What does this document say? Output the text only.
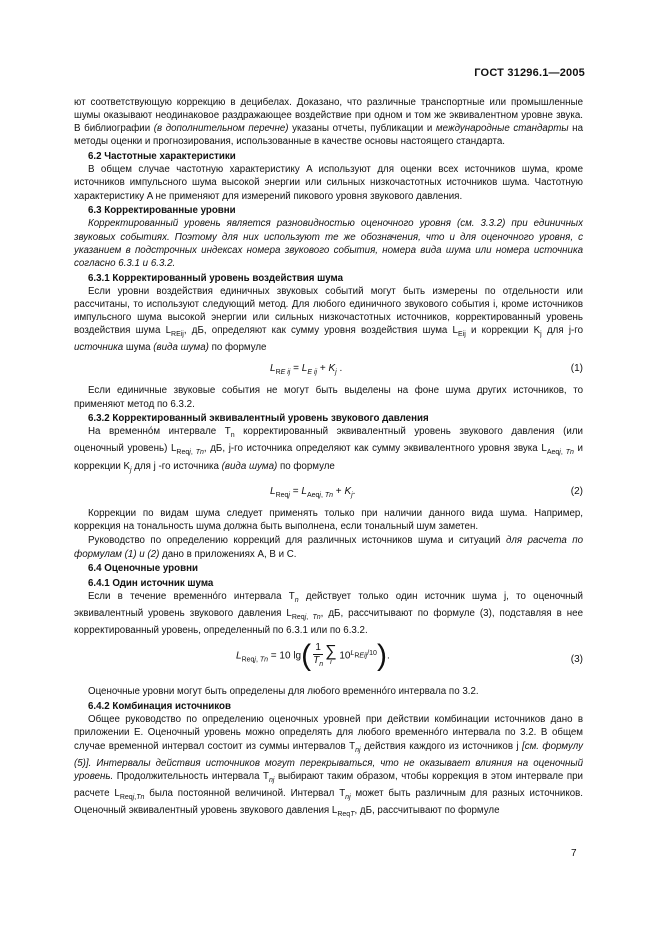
ГОСТ 31296.1—2005

ют соответствующую коррекцию в децибелах. Доказано, что различные транспортные или промышленные шумы оказывают неодинаковое раздражающее воздействие при одном и том же эквивалентном уровне звука. В библиографии (в дополнительном перечне) указаны отчеты, публикации и международные стандарты на методы оценки и прогнозирования, использованные в качестве основы настоящего стандарта.

6.2 Частотные характеристики

В общем случае частотную характеристику A используют для оценки всех источников шума, кроме источников импульсного шума высокой энергии или сильных низкочастотных источников шума. Частотную характеристику A не применяют для измерений пикового уровня звукового давления.

6.3 Корректированные уровни

Корректированный уровень является разновидностью оценочного уровня (см. 3.3.2) при единичных звуковых событиях. Поэтому для них используют те же обозначения, что и для оценочного уровня, с указанием в подстрочных индексах номера звукового события, номера вида шума или номера источника согласно 6.3.1 и 6.3.2.

6.3.1 Корректированный уровень воздействия шума

Если уровни воздействия единичных звуковых событий могут быть измерены по отдельности или рассчитаны, то используют следующий метод. Для любого единичного звукового события i, кроме источников импульсного шума высокой энергии или сильных низкочастотных источников, корректированный уровень воздействия шума $L_{REij}$, дБ, определяют как сумму уровня воздействия шума $L_{Eij}$ и коррекции $K_j$ для j-го источника шума (вида шума) по формуле

$L_{RE ij} = L_{E ij} + K_j$ .	(1)

Если единичные звуковые события не могут быть выделены на фоне шума других источников, то применяют метод по 6.3.2.

6.3.2 Корректированный эквивалентный уровень звукового давления

На временно́м интервале $T_n$ корректированный эквивалентный уровень звукового давления (или оценочный уровень) $L_{Reqj, Tn}$, дБ, j-го источника определяют как сумму эквивалентного уровня звука $L_{Aeqj, Tn}$ и коррекции $K_j$ для j -го источника (вида шума) по формуле

$L_{Reqj} = L_{Aeqj, Tn} + K_j$.	(2)

Коррекции по видам шума следует применять только при наличии данного вида шума. Например, коррекция на тональность шума должна быть выполнена, если тональный шум заметен.

Руководство по определению коррекций для различных источников шума и ситуаций для расчета по формулам (1) и (2) дано в приложениях А, В и С.

6.4 Оценочные уровни

6.4.1 Один источник шума

Если в течение временно́го интервала $T_n$ действует только один источник шума j, то оценочный эквивалентный уровень звукового давления $L_{Reqj, Tn}$, дБ, рассчитывают по формуле (3), подставляя в нее корректированный уровень, определенный по 6.3.1 или по 6.3.2.

$L_{Reqj, Tn} = 10$ $\lg( \frac{1}{T_n}$ ∑
i
$10^{L_{REij}/10}$).	(3)

Оценочные уровни могут быть определены для любого временно́го интервала по 3.2.

6.4.2 Комбинация источников

Общее руководство по определению оценочных уровней при действии комбинации источников дано в приложении Е. Оценочный уровень можно определять для любого временно́го интервала по 3.2. В общем случае временной интервал состоит из суммы интервалов $T_{nj}$ действия каждого из источников j [см. формулу (5)]. Интервалы действия источников могут перекрываться, что не оказывает влияния на оценочный уровень. Продолжительность интервала $T_{nj}$ выбирают таким образом, чтобы коррекция в этом интервале при расчете $L_{Reqj,Tn}$ была постоянной величиной. Интервал $T_{nj}$ может быть различным для разных источников. Оценочный эквивалентный уровень звукового давления $L_{ReqT}$, дБ, рассчитывают по формуле

7
